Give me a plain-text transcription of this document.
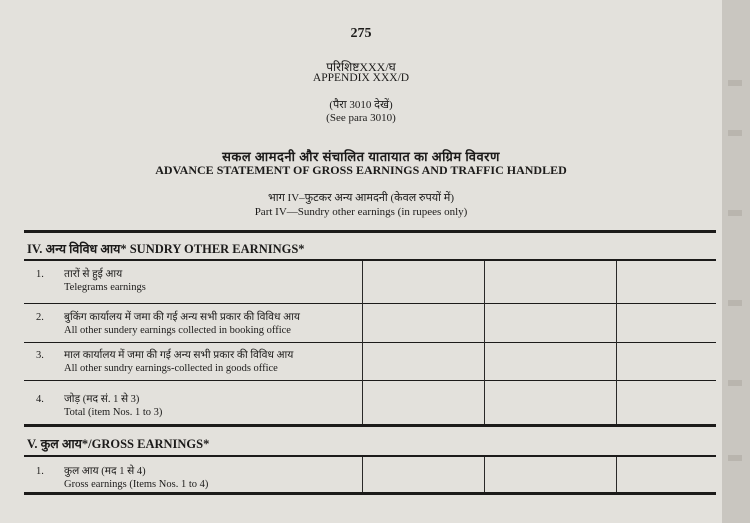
275
परिशिष्टXXX/घ
APPENDIX XXX/D
(पैरा 3010 देखें)
(See para 3010)
सकल आमदनी और संचालित यातायात का अग्रिम विवरण
ADVANCE STATEMENT OF GROSS EARNINGS AND TRAFFIC HANDLED
भाग IV–फुटकर अन्य आमदनी (केवल रुपयों में)
Part IV—Sundry other earnings (in rupees only)
IV. अन्य विविध आय* SUNDRY OTHER EARNINGS*
1.	तारों से हुई आय
Telegrams earnings
2.	बुकिंग कार्यालय में जमा की गई अन्य सभी प्रकार की विविध आय
All other sundery earnings collected in booking office
3.	माल कार्यालय में जमा की गई अन्य सभी प्रकार की विविध आय
All other sundry earnings-collected in goods office
4.	जोड़ (मद सं. 1 से 3)
Total (item Nos. 1 to 3)
V. कुल आय*/GROSS EARNINGS*
1.	कुल आय (मद 1 से 4)
Gross earnings (Items Nos. 1 to 4)
